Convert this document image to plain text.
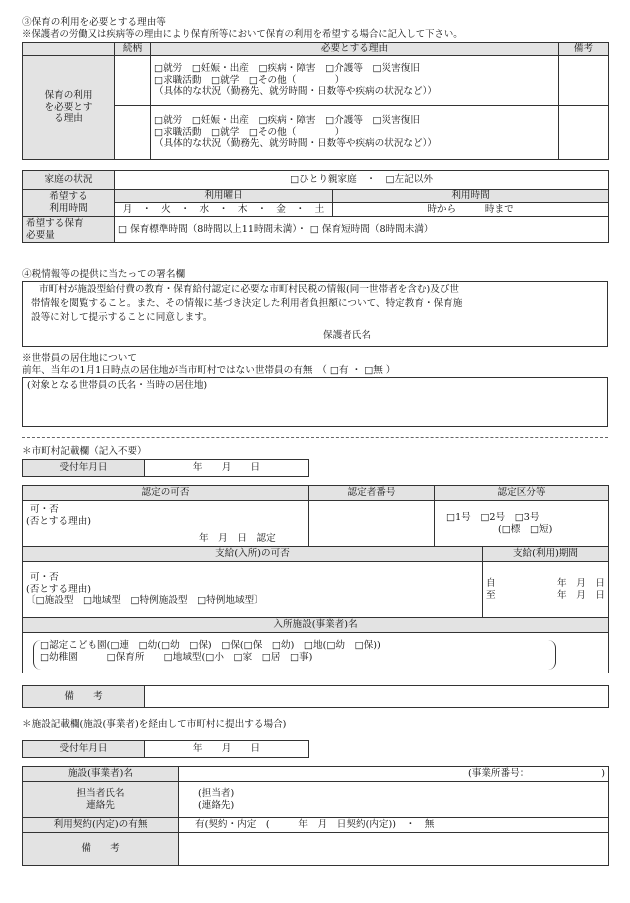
③保育の利用を必要とする理由等
※保護者の労働又は疾病等の理由により保育所等において保育の利用を希望する場合に記入して下さい。
	続柄	必要とする理由	備考

保育の利用
を必要とす
る理由		□就労　□妊娠・出産　□疾病・障害　□介護等　□災害復旧
□求職活動　□就学　□その他（　　　　）
（具体的な状況（勤務先、就労時間・日数等や疾病の状況など））	

		□就労　□妊娠・出産　□疾病・障害　□介護等　□災害復旧
□求職活動　□就学　□その他（　　　　）
（具体的な状況（勤務先、就労時間・日数等や疾病の状況など））	

家庭の状況	□ひとり親家庭　・　□左記以外	

希望する
利用時間	利用曜日	利用時間
	月　・　火　・　水　・　木　・　金　・　土	時から　　　時まで

希望する保育
必要量	□ 保育標準時間（8時間以上11時間未満）・ □ 保育短時間（8時間未満）	
④税情報等の提供に当たっての署名欄
市町村が施設型給付費の教育・保育給付認定に必要な市町村民税の情報(同一世帯者を含む)及び世
帯情報を閲覧すること。また、その情報に基づき決定した利用者負担額について、特定教育・保育施
設等に対して提示することに同意します。
保護者氏名
※世帯員の居住地について
前年、当年の1月1日時点の居住地が当市町村ではない世帯員の有無　（ □有 ・ □無 ）
(対象となる世帯員の氏名・当時の居住地)
＊市町村記載欄（記入不要）
受付年月日	年　　月　　日
認定の可否	認定者番号	認定区分等	

可・否
(否とする理由)
年　月　日　認定		□1号　□2号　□3号
(□標　□短)	

支給(入所)の可否			支給(利用)期間

可・否
(否とする理由)
〔□施設型　□地域型　□特例施設型　□特例地域型〕			自 年　月　日
至 年　月　日

入所施設(事業者)名			

□認定こども園(□連　□幼(□幼　□保)　□保(□保　□幼)　□地(□幼　□保))
□幼稚園　　　□保育所　　□地域型(□小　□家　□居　□事)			
備　　考	
＊施設記載欄(施設(事業者)を経由して市町村に提出する場合)
受付年月日	年　　月　　日
施設(事業者)名	(事業所番号：　　　　　　　　)

担当者氏名
連絡先	(担当者)
(連絡先)

利用契約(内定)の有無	有(契約・内定　(　　　年　月　日契約(内定))　・　無
備　　考	
